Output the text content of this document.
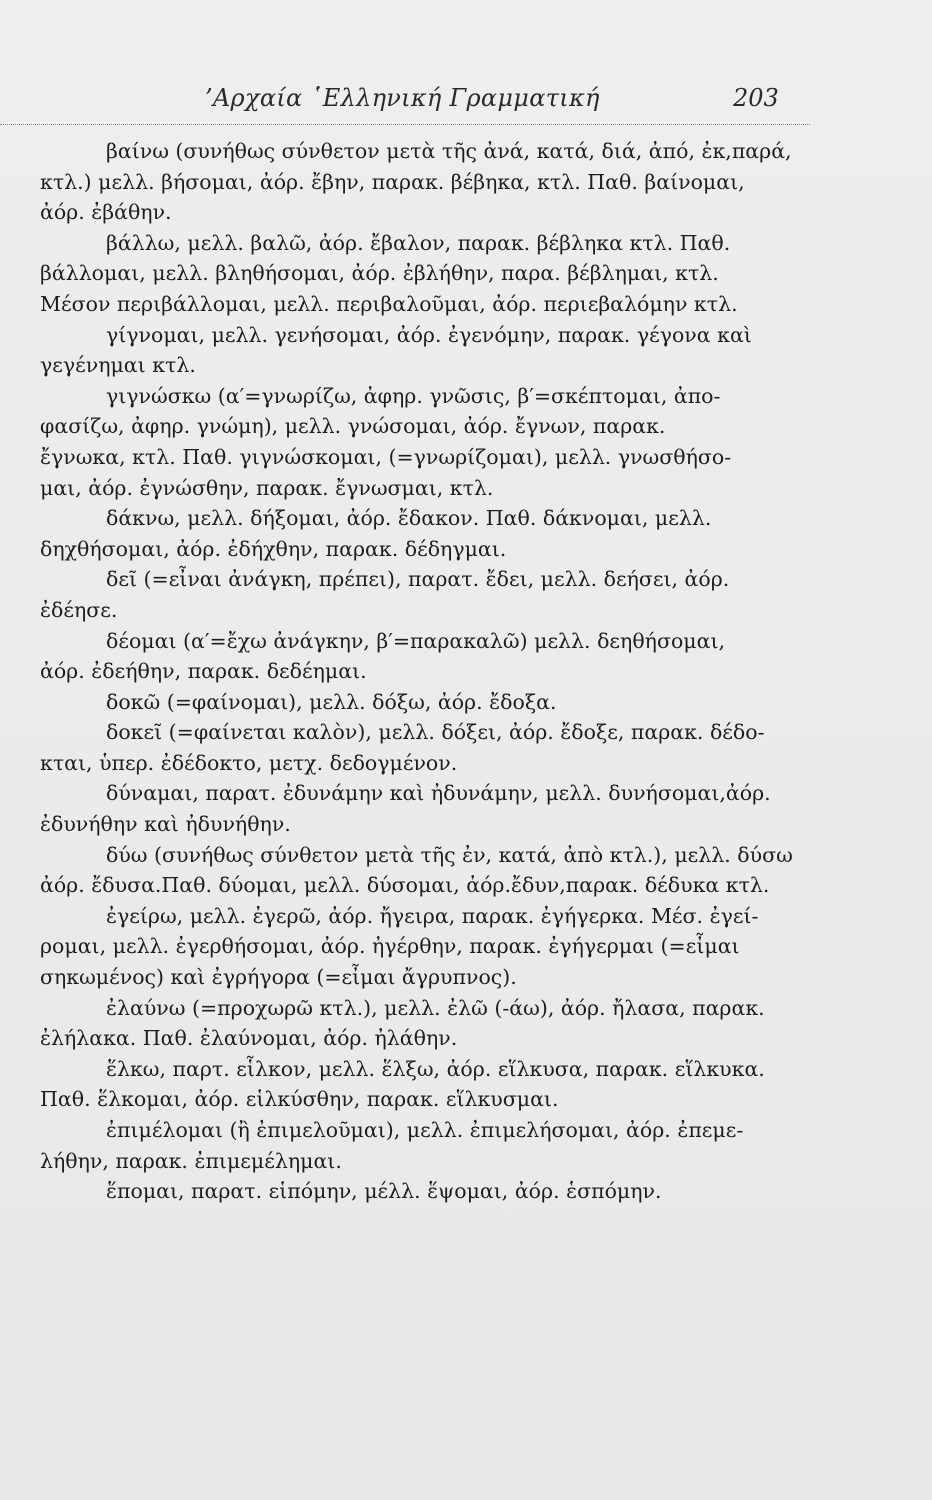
’Αρχαία ῾Ελληνική Γραμματική	203
βαίνω (συνήθως σύνθετον μετὰ τῆς ἀνά, κατά, διά, ἀπό, ἐκ,παρά,
κτλ.) μελλ. βήσομαι, ἀόρ. ἔβην, παρακ. βέβηκα, κτλ. Παθ. βαίνομαι,
ἀόρ. ἐβάθην.
βάλλω, μελλ. βαλῶ, ἀόρ. ἔβαλον, παρακ. βέβληκα κτλ. Παθ.
βάλλομαι, μελλ. βληθήσομαι, ἀόρ. ἐβλήθην, παρα. βέβλημαι, κτλ.
Μέσον περιβάλλομαι, μελλ. περιβαλοῦμαι, ἀόρ. περιεβαλόμην κτλ.
γίγνομαι, μελλ. γενήσομαι, ἀόρ. ἐγενόμην, παρακ. γέγονα καὶ
γεγένημαι κτλ.
γιγνώσκω (α′=γνωρίζω, ἀφηρ. γνῶσις, β′=σκέπτομαι, ἀπο-
φασίζω, ἀφηρ. γνώμη), μελλ. γνώσομαι, ἀόρ. ἔγνων, παρακ.
ἔγνωκα, κτλ. Παθ. γιγνώσκομαι, (=γνωρίζομαι), μελλ. γνωσθήσο-
μαι, ἀόρ. ἐγνώσθην, παρακ. ἔγνωσμαι, κτλ.
δάκνω, μελλ. δήξομαι, ἀόρ. ἔδακον. Παθ. δάκνομαι, μελλ.
δηχθήσομαι, ἀόρ. ἐδήχθην, παρακ. δέδηγμαι.
δεῖ (=εἶναι ἀνάγκη, πρέπει), παρατ. ἔδει, μελλ. δεήσει, ἀόρ.
ἐδέησε.
δέομαι (α′=ἔχω ἀνάγκην, β′=παρακαλῶ) μελλ. δεηθήσομαι,
ἀόρ. ἐδεήθην, παρακ. δεδέημαι.
δοκῶ (=φαίνομαι), μελλ. δόξω, ἀόρ. ἔδοξα.
δοκεῖ (=φαίνεται καλὸν), μελλ. δόξει, ἀόρ. ἔδοξε, παρακ. δέδο-
κται, ὑπερ. ἐδέδοκτο, μετχ. δεδογμένον.
δύναμαι, παρατ. ἐδυνάμην καὶ ἠδυνάμην, μελλ. δυνήσομαι,ἀόρ.
ἐδυνήθην καὶ ἠδυνήθην.
δύω (συνήθως σύνθετον μετὰ τῆς ἐν, κατά, ἀπὸ κτλ.), μελλ. δύσω
ἀόρ. ἔδυσα.Παθ. δύομαι, μελλ. δύσομαι, ἀόρ.ἔδυν,παρακ. δέδυκα κτλ.
ἐγείρω, μελλ. ἐγερῶ, ἀόρ. ἤγειρα, παρακ. ἐγήγερκα. Μέσ. ἐγεί-
ρομαι, μελλ. ἐγερθήσομαι, ἀόρ. ἠγέρθην, παρακ. ἐγήγερμαι (=εἶμαι
σηκωμένος) καὶ ἐγρήγορα (=εἶμαι ἄγρυπνος).
ἐλαύνω (=προχωρῶ κτλ.), μελλ. ἐλῶ (-άω), ἀόρ. ἤλασα, παρακ.
ἐλήλακα. Παθ. ἐλαύνομαι, ἀόρ. ἠλάθην.
ἕλκω, παρτ. εἷλκον, μελλ. ἕλξω, ἀόρ. εἵλκυσα, παρακ. εἵλκυκα.
Παθ. ἕλκομαι, ἀόρ. εἱλκύσθην, παρακ. εἵλκυσμαι.
ἐπιμέλομαι (ἢ ἐπιμελοῦμαι), μελλ. ἐπιμελήσομαι, ἀόρ. ἐπεμε-
λήθην, παρακ. ἐπιμεμέλημαι.
ἕπομαι, παρατ. εἱπόμην, μέλλ. ἕψομαι, ἀόρ. ἑσπόμην.
